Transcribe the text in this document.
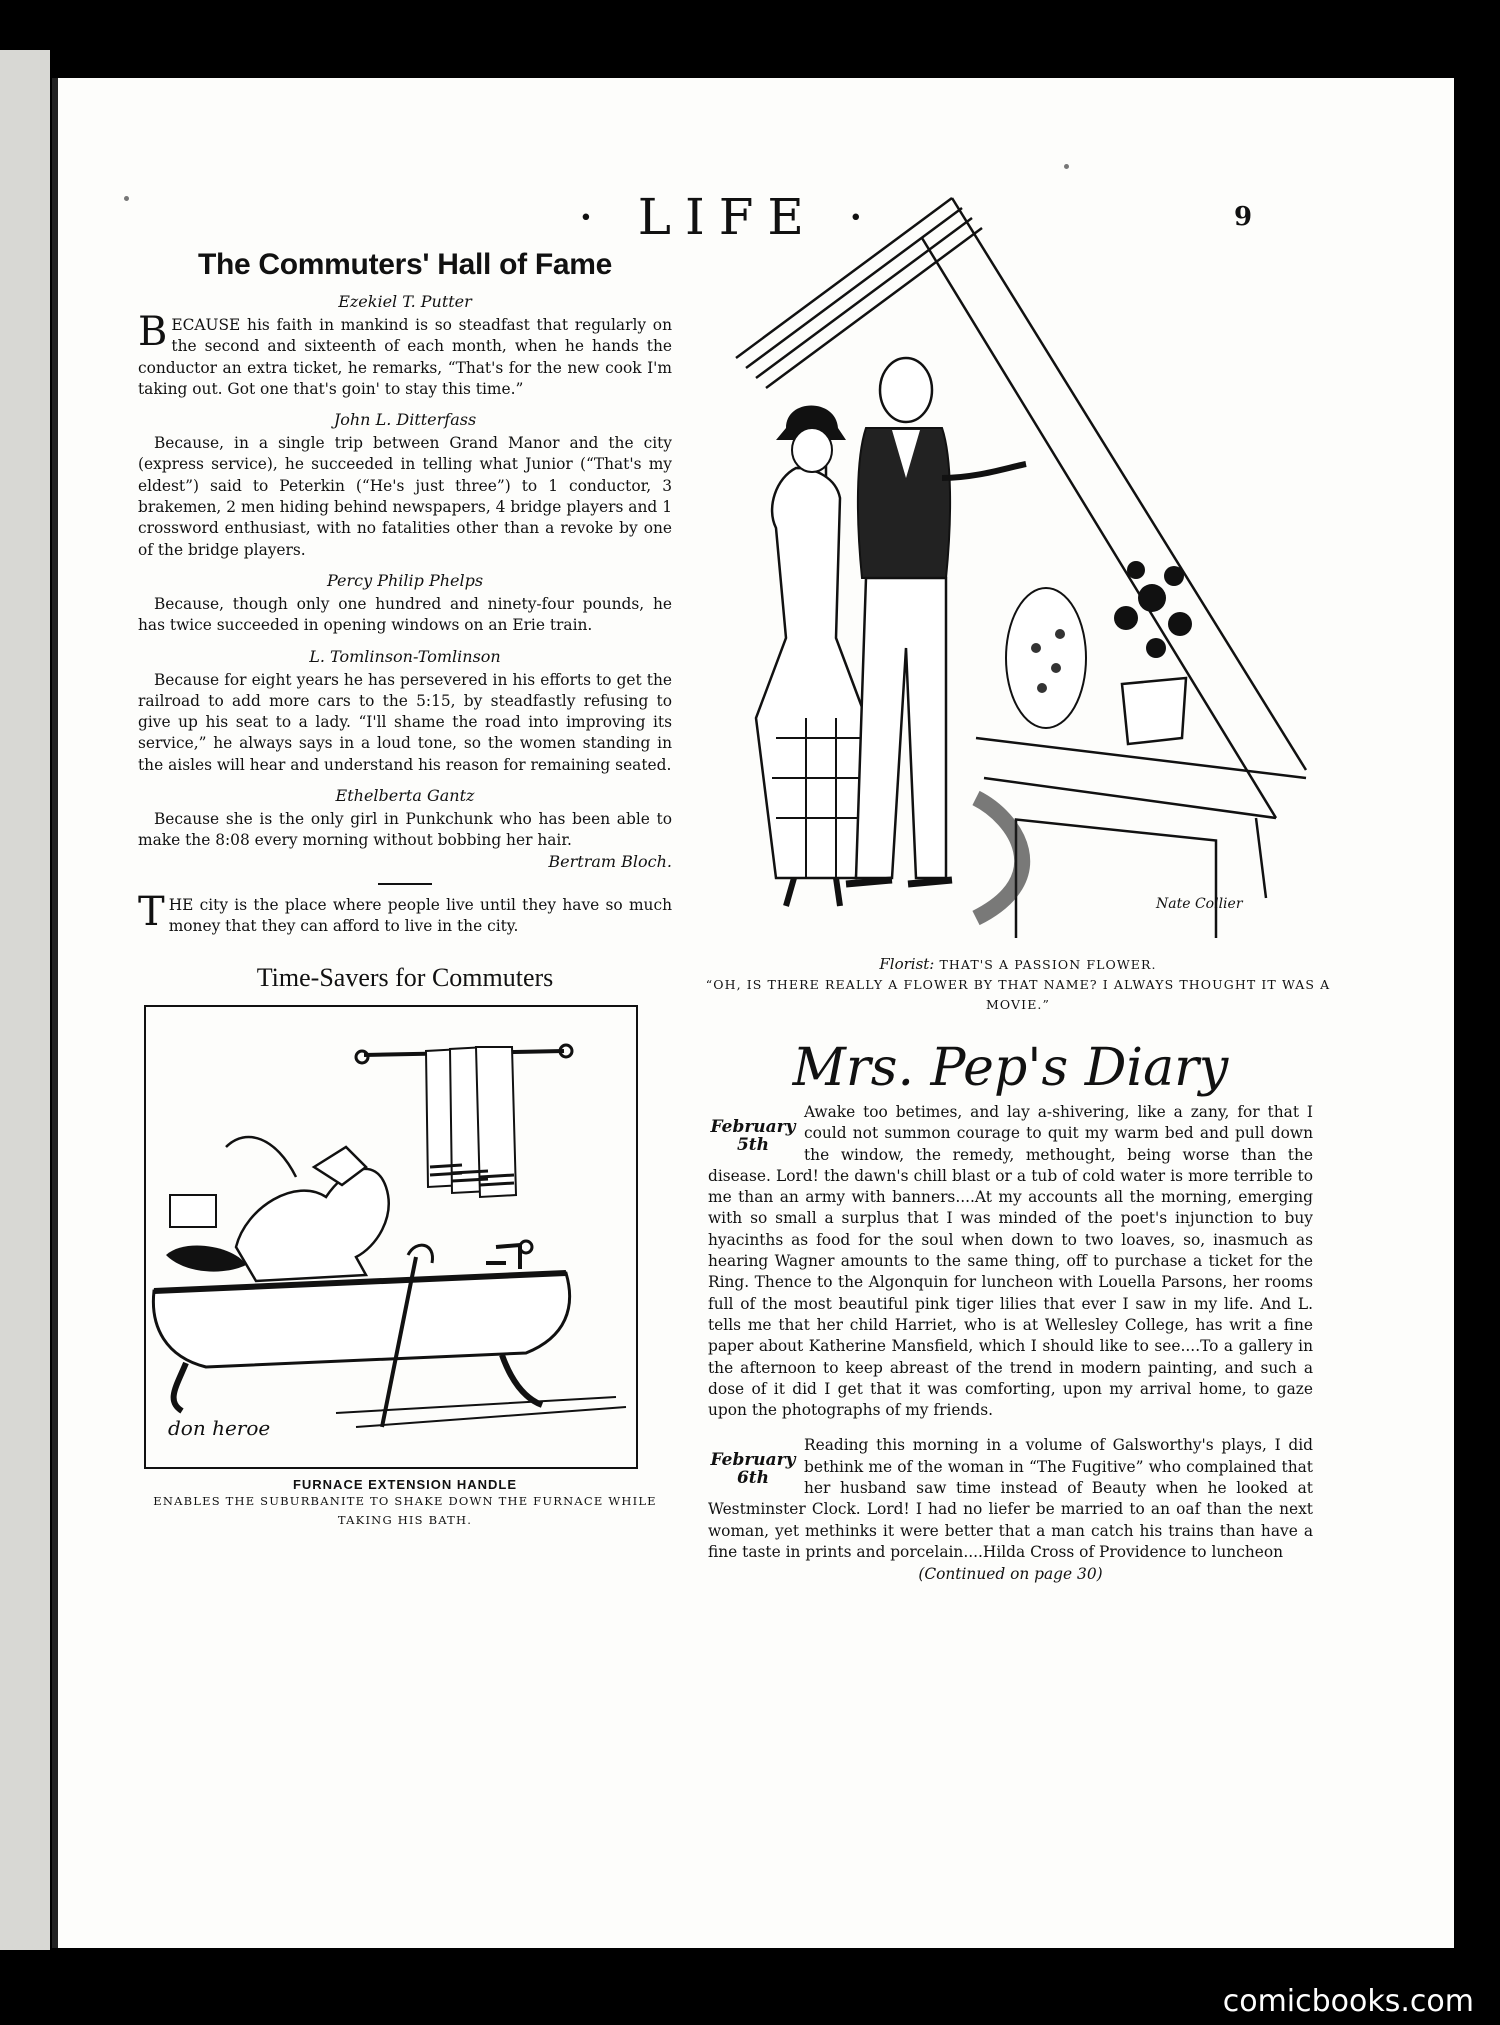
· LIFE ·	9
The Commuters' Hall of Fame
Ezekiel T. Putter

BECAUSE his faith in mankind is so steadfast that regularly on the second and sixteenth of each month, when he hands the conductor an extra ticket, he remarks, “That's for the new cook I'm taking out. Got one that's goin' to stay this time.”

John L. Ditterfass

Because, in a single trip between Grand Manor and the city (express service), he succeeded in telling what Junior (“That's my eldest”) said to Peterkin (“He's just three”) to 1 conductor, 3 brakemen, 2 men hiding behind newspapers, 4 bridge players and 1 crossword enthusiast, with no fatalities other than a revoke by one of the bridge players.

Percy Philip Phelps

Because, though only one hundred and ninety-four pounds, he has twice succeeded in opening windows on an Erie train.

L. Tomlinson-Tomlinson

Because for eight years he has persevered in his efforts to get the railroad to add more cars to the 5:15, by steadfastly refusing to give up his seat to a lady. “I'll shame the road into improving its service,” he always says in a loud tone, so the women standing in the aisles will hear and understand his reason for remaining seated.

Ethelberta Gantz

Because she is the only girl in Punkchunk who has been able to make the 8:08 every morning without bobbing her hair.

Bertram Bloch.

THE city is the place where people live until they have so much money that they can afford to live in the city.

Time-Savers for Commuters
don heroe
FURNACE EXTENSION HANDLE
ENABLES THE SUBURBANITE TO SHAKE DOWN THE FURNACE WHILE TAKING HIS BATH.
Nate Collier
Florist: THAT'S A PASSION FLOWER.
“OH, IS THERE REALLY A FLOWER BY THAT NAME? I ALWAYS THOUGHT IT WAS A MOVIE.”
Mrs. Pep's Diary

February
5th
Awake too betimes, and lay a-shivering, like a zany, for that I could not summon courage to quit my warm bed and pull down the window, the remedy, methought, being worse than the disease. Lord! the dawn's chill blast or a tub of cold water is more terrible to me than an army with banners....At my accounts all the morning, emerging with so small a surplus that I was minded of the poet's injunction to buy hyacinths as food for the soul when down to two loaves, so, inasmuch as hearing Wagner amounts to the same thing, off to purchase a ticket for the Ring. Thence to the Algonquin for luncheon with Louella Parsons, her rooms full of the most beautiful pink tiger lilies that ever I saw in my life. And L. tells me that her child Harriet, who is at Wellesley College, has writ a fine paper about Katherine Mansfield, which I should like to see....To a gallery in the afternoon to keep abreast of the trend in modern painting, and such a dose of it did I get that it was comforting, upon my arrival home, to gaze upon the photographs of my friends.

February
6th
Reading this morning in a volume of Galsworthy's plays, I did bethink me of the woman in “The Fugitive” who complained that her husband saw time instead of Beauty when he looked at Westminster Clock. Lord! I had no liefer be married to an oaf than the next woman, yet methinks it were better that a man catch his trains than have a fine taste in prints and porcelain....Hilda Cross of Providence to luncheon

(Continued on page 30)
comicbooks.com
